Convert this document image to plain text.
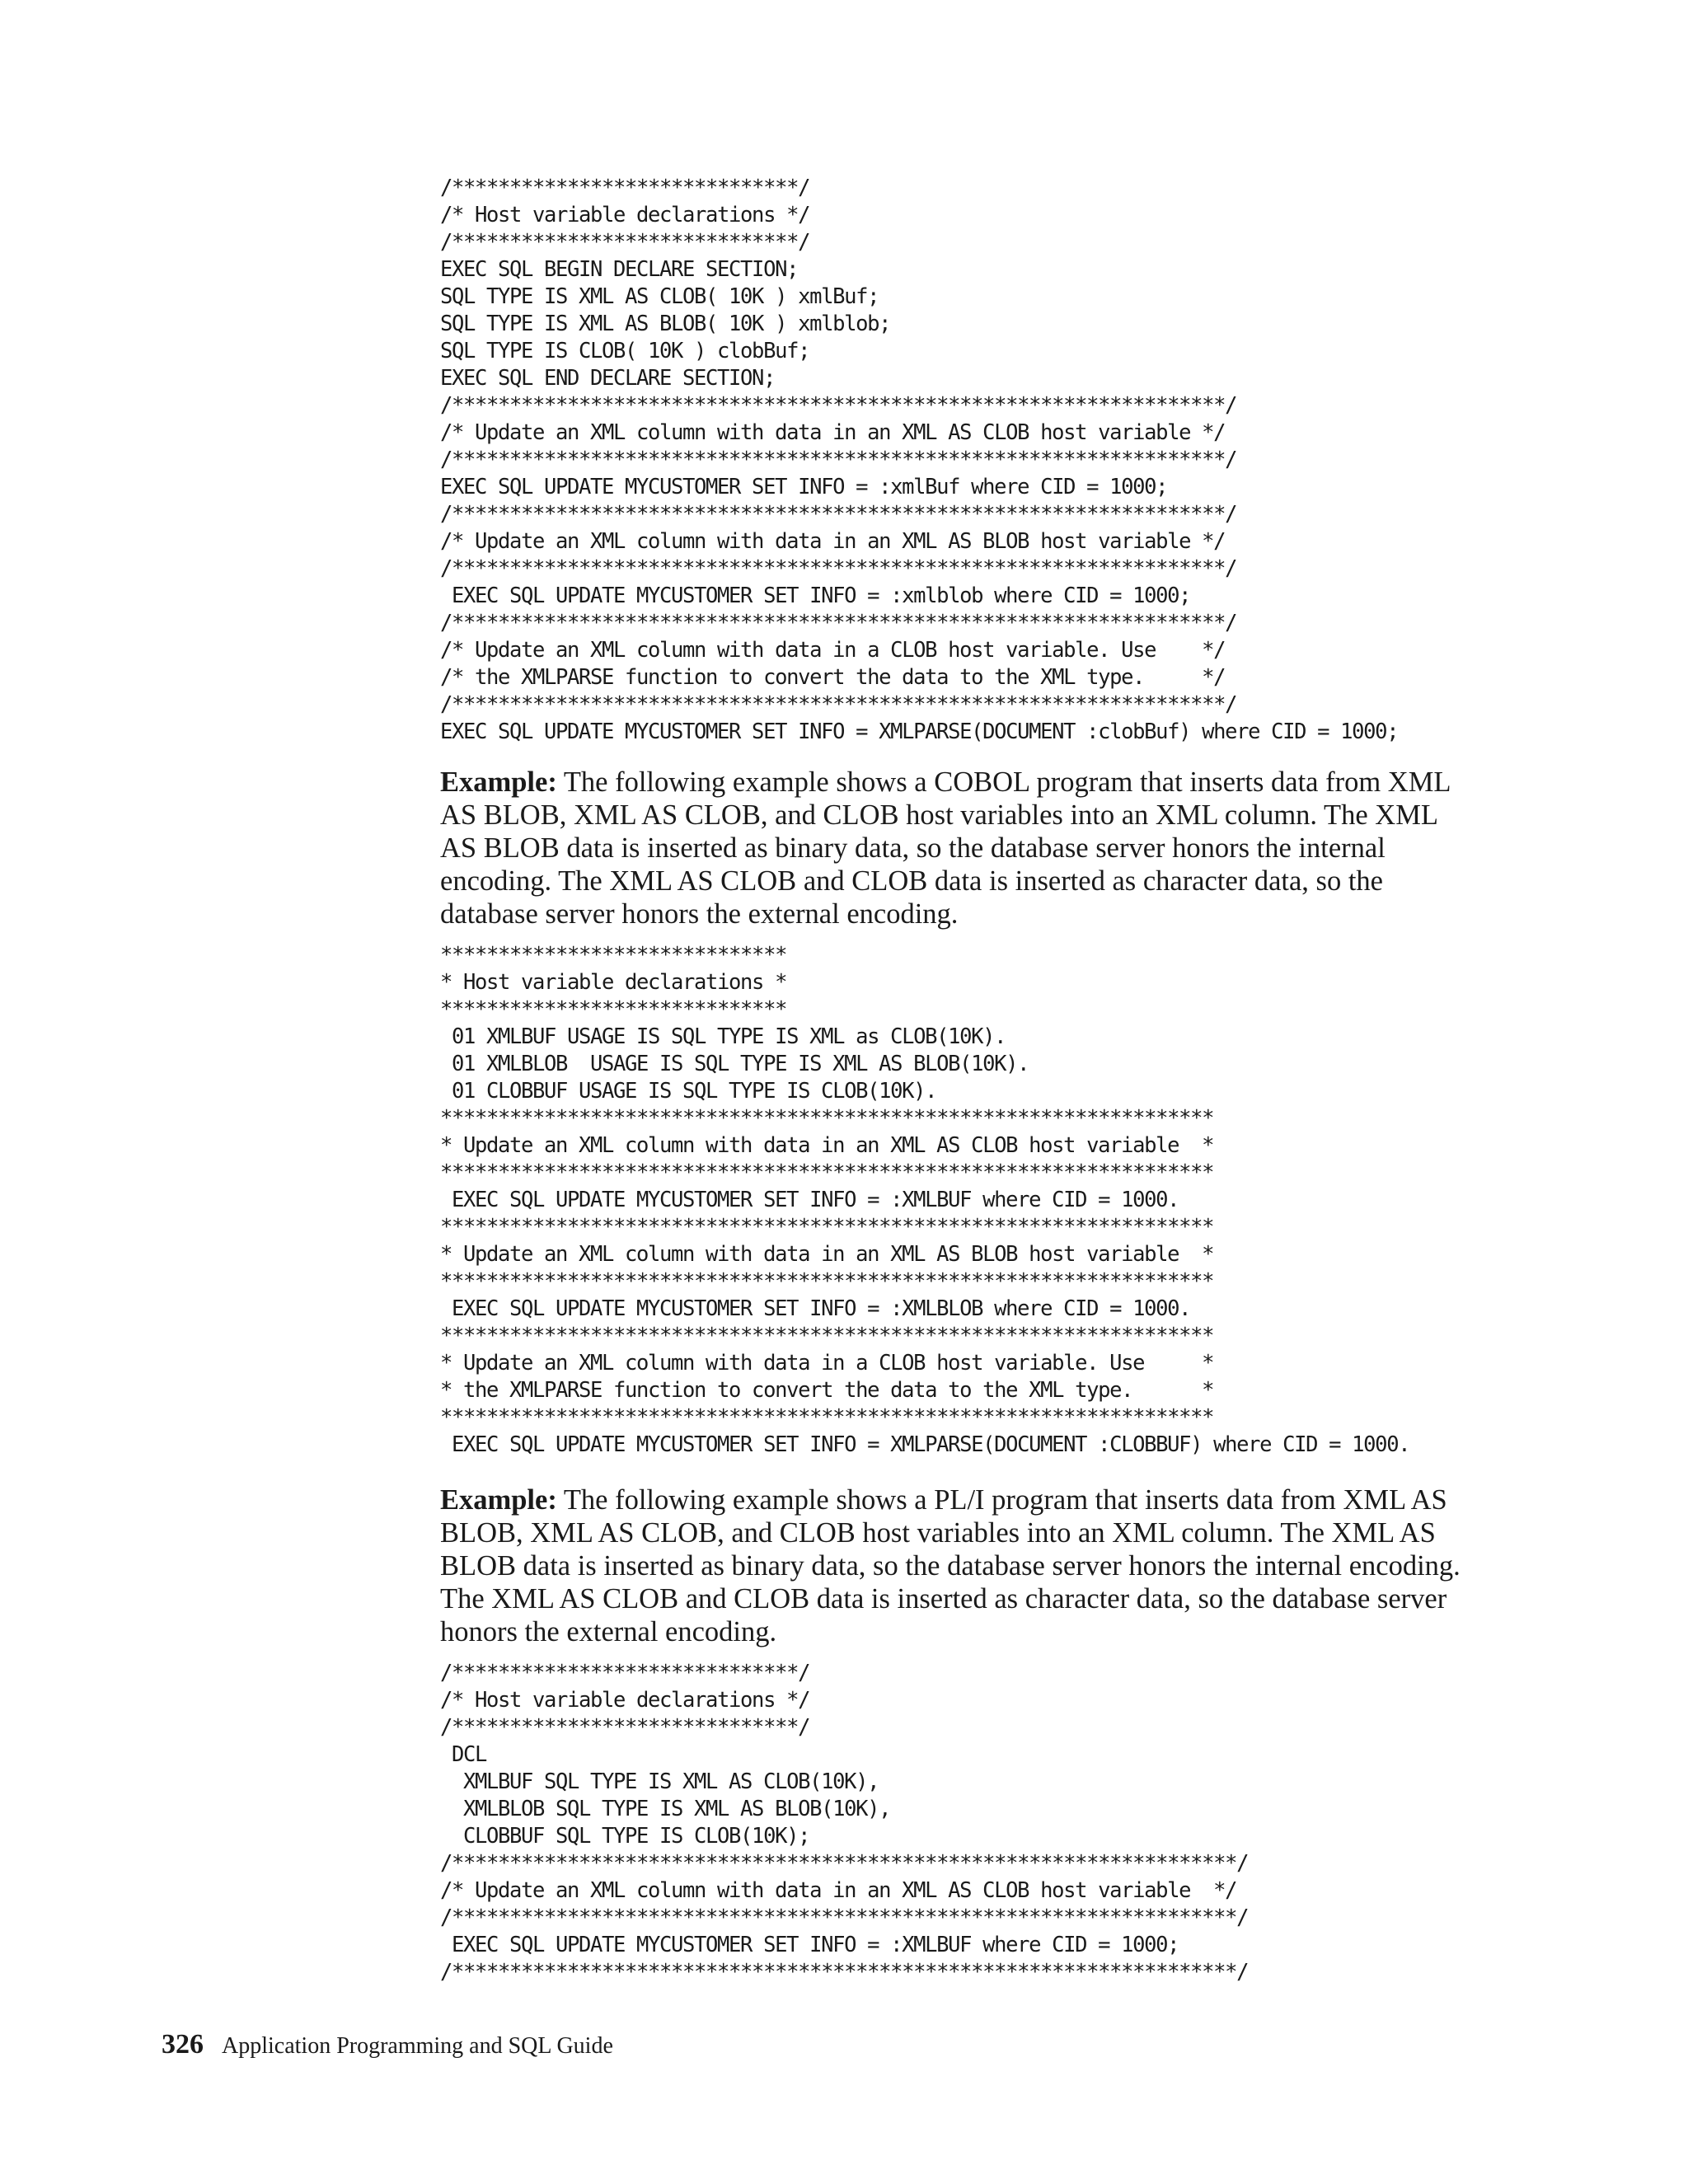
/******************************/
/* Host variable declarations */
/******************************/
EXEC SQL BEGIN DECLARE SECTION;
SQL TYPE IS XML AS CLOB( 10K ) xmlBuf;
SQL TYPE IS XML AS BLOB( 10K ) xmlblob;
SQL TYPE IS CLOB( 10K ) clobBuf;
EXEC SQL END DECLARE SECTION;
/*******************************************************************/
/* Update an XML column with data in an XML AS CLOB host variable */
/*******************************************************************/
EXEC SQL UPDATE MYCUSTOMER SET INFO = :xmlBuf where CID = 1000;
/*******************************************************************/
/* Update an XML column with data in an XML AS BLOB host variable */
/*******************************************************************/
EXEC SQL UPDATE MYCUSTOMER SET INFO = :xmlblob where CID = 1000;
/*******************************************************************/
/* Update an XML column with data in a CLOB host variable. Use    */
/* the XMLPARSE function to convert the data to the XML type.     */
/*******************************************************************/
EXEC SQL UPDATE MYCUSTOMER SET INFO = XMLPARSE(DOCUMENT :clobBuf) where CID = 1000;

Example: The following example shows a COBOL program that inserts data from XML AS BLOB, XML AS CLOB, and CLOB host variables into an XML column. The XML AS BLOB data is inserted as binary data, so the database server honors the internal encoding. The XML AS CLOB and CLOB data is inserted as character data, so the database server honors the external encoding.

******************************
* Host variable declarations *
******************************
01 XMLBUF USAGE IS SQL TYPE IS XML as CLOB(10K).
01 XMLBLOB  USAGE IS SQL TYPE IS XML AS BLOB(10K).
01 CLOBBUF USAGE IS SQL TYPE IS CLOB(10K).
*******************************************************************
* Update an XML column with data in an XML AS CLOB host variable  *
*******************************************************************
EXEC SQL UPDATE MYCUSTOMER SET INFO = :XMLBUF where CID = 1000.
*******************************************************************
* Update an XML column with data in an XML AS BLOB host variable  *
*******************************************************************
EXEC SQL UPDATE MYCUSTOMER SET INFO = :XMLBLOB where CID = 1000.
*******************************************************************
* Update an XML column with data in a CLOB host variable. Use     *
* the XMLPARSE function to convert the data to the XML type.      *
*******************************************************************
EXEC SQL UPDATE MYCUSTOMER SET INFO = XMLPARSE(DOCUMENT :CLOBBUF) where CID = 1000.

Example: The following example shows a PL/I program that inserts data from XML AS BLOB, XML AS CLOB, and CLOB host variables into an XML column. The XML AS BLOB data is inserted as binary data, so the database server honors the internal encoding. The XML AS CLOB and CLOB data is inserted as character data, so the database server honors the external encoding.

/******************************/
/* Host variable declarations */
/******************************/
DCL
XMLBUF SQL TYPE IS XML AS CLOB(10K),
XMLBLOB SQL TYPE IS XML AS BLOB(10K),
CLOBBUF SQL TYPE IS CLOB(10K);
/********************************************************************/
/* Update an XML column with data in an XML AS CLOB host variable  */
/********************************************************************/
EXEC SQL UPDATE MYCUSTOMER SET INFO = :XMLBUF where CID = 1000;
/********************************************************************/
326 Application Programming and SQL Guide
